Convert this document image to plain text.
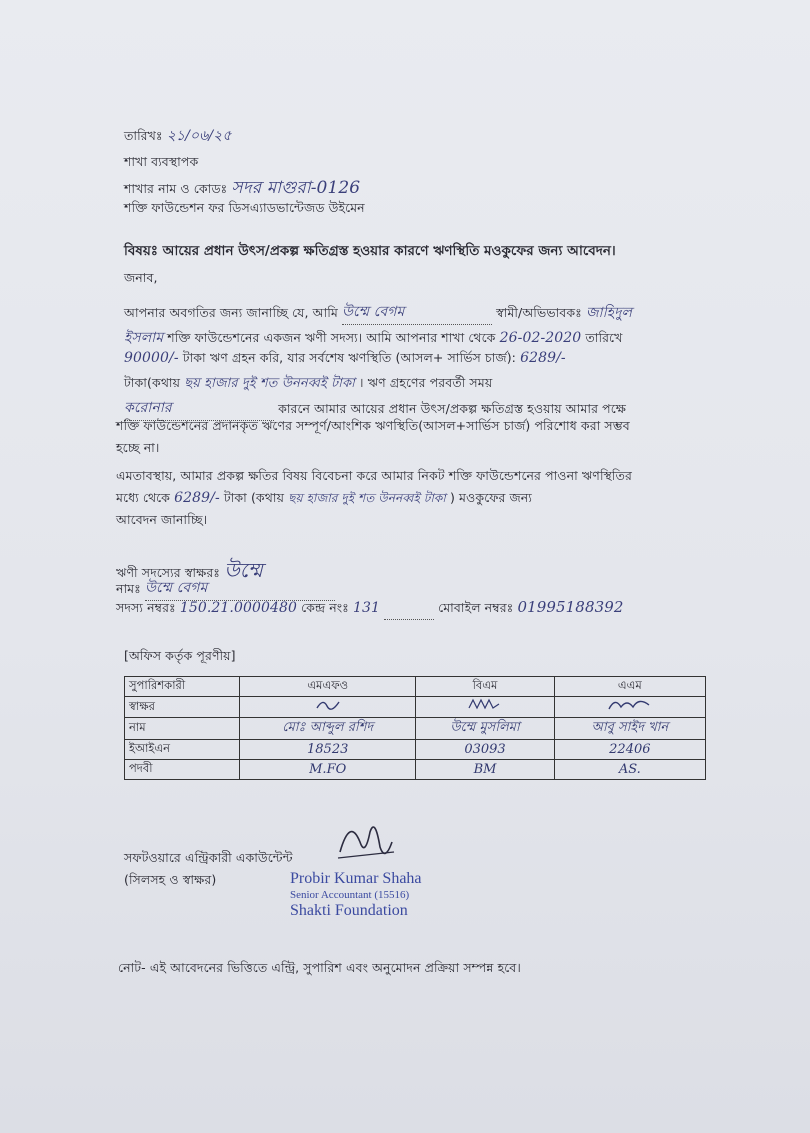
তারিখঃ ২১/০৬/২৫
শাখা ব্যবস্থাপক
শাখার নাম ও কোডঃ সদর মাগুরা-0126
শক্তি ফাউন্ডেশন ফর ডিসএ্যাডভান্টেজড উইমেন
বিষয়ঃ আয়ের প্রধান উৎস/প্রকল্প ক্ষতিগ্রস্ত হওয়ার কারণে ঋণস্থিতি মওকুফের জন্য আবেদন।
জনাব,
আপনার অবগতির জন্য জানাচ্ছি যে, আমি উম্মে বেগম	স্বামী/অভিভাবকঃ জাহিদুল
ইসলাম শক্তি ফাউন্ডেশনের একজন ঋণী সদস্য। আমি আপনার শাখা থেকে 26-02-2020 তারিখে
90000/- টাকা ঋণ গ্রহন করি, যার সর্বশেষ ঋণস্থিতি (আসল+ সার্ভিস চার্জ): 6289/-
টাকা(কথায় ছয় হাজার দুই শত উননব্বই টাকা । ঋণ গ্রহণের পরবর্তী সময়
করোনার	কারনে আমার আয়ের প্রধান উৎস/প্রকল্প ক্ষতিগ্রস্ত হওয়ায় আমার পক্ষে
শক্তি ফাউন্ডেশনের প্রদানকৃত ঋণের সম্পূর্ণ/আংশিক ঋণস্থিতি(আসল+সার্ভিস চার্জ) পরিশোধ করা সম্ভব
হচ্ছে না।
এমতাবস্থায়, আমার প্রকল্প ক্ষতির বিষয় বিবেচনা করে আমার নিকট শক্তি ফাউন্ডেশনের পাওনা ঋণস্থিতির
মধ্যে থেকে 6289/- টাকা (কথায় ছয় হাজার দুই শত উননব্বই টাকা ) মওকুফের জন্য
আবেদন জানাচ্ছি।
ঋণী সদস্যের স্বাক্ষরঃ উম্মে
নামঃ উম্মে বেগম
সদস্য নম্বরঃ 150.21.0000480 কেন্দ্র নংঃ 131	মোবাইল নম্বরঃ 01995188392
[অফিস কর্তৃক পূরণীয়]
সুপারিশকারী	এমএফও	বিএম	এএম
স্বাক্ষর			
নাম	মোঃ আব্দুল রশিদ	উম্মে মুসলিমা	আবু সাইদ খান
ইআইএন	18523	03093	22406
পদবী	M.FO	BM	AS.
সফটওয়ারে এন্ট্রিকারী একাউন্টেন্ট
(সিলসহ ও স্বাক্ষর)	Probir Kumar Shaha
Senior Accountant (15516)
Shakti Foundation
নোট- এই আবেদনের ভিত্তিতে এন্ট্রি, সুপারিশ এবং অনুমোদন প্রক্রিয়া সম্পন্ন হবে।
